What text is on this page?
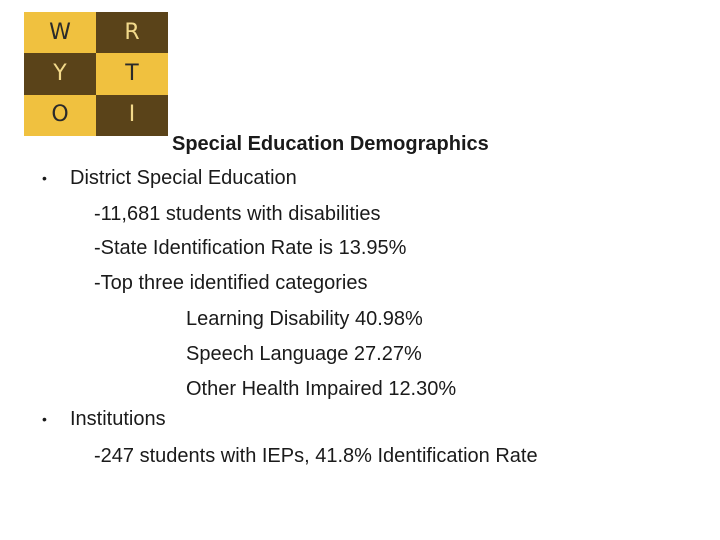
W R
Y	T
O	I
Special Education Demographics
• District Special Education
-11,681 students with disabilities
-State Identification Rate is 13.95%
-Top three identified categories
Learning Disability 40.98%
Speech Language 27.27%
Other Health Impaired 12.30%
• Institutions
-247 students with IEPs, 41.8% Identification Rate
